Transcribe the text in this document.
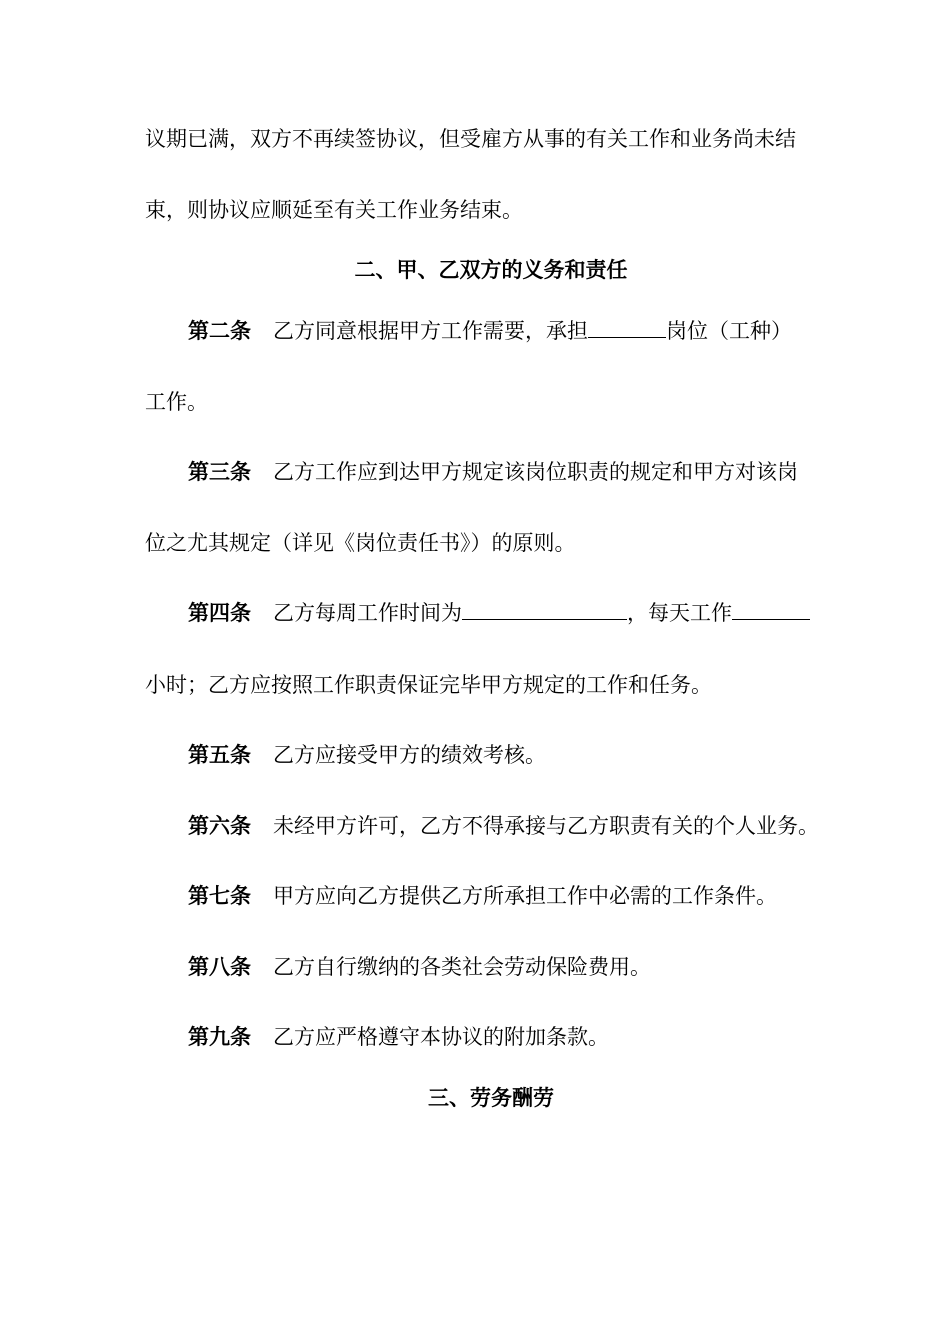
议期已满，双方不再续签协议，但受雇方从事的有关工作和业务尚未结
束，则协议应顺延至有关工作业务结束。
二、甲、乙双方的义务和责任
第二条 乙方同意根据甲方工作需要，承担	岗位（工种）
工作。
第三条 乙方工作应到达甲方规定该岗位职责的规定和甲方对该岗
位之尤其规定（详见《岗位责任书》）的原则。
第四条 乙方每周工作时间为	，每天工作
小时；乙方应按照工作职责保证完毕甲方规定的工作和任务。
第五条 乙方应接受甲方的绩效考核。
第六条 未经甲方许可，乙方不得承接与乙方职责有关的个人业务。
第七条 甲方应向乙方提供乙方所承担工作中必需的工作条件。
第八条 乙方自行缴纳的各类社会劳动保险费用。
第九条 乙方应严格遵守本协议的附加条款。
三、劳务酬劳
